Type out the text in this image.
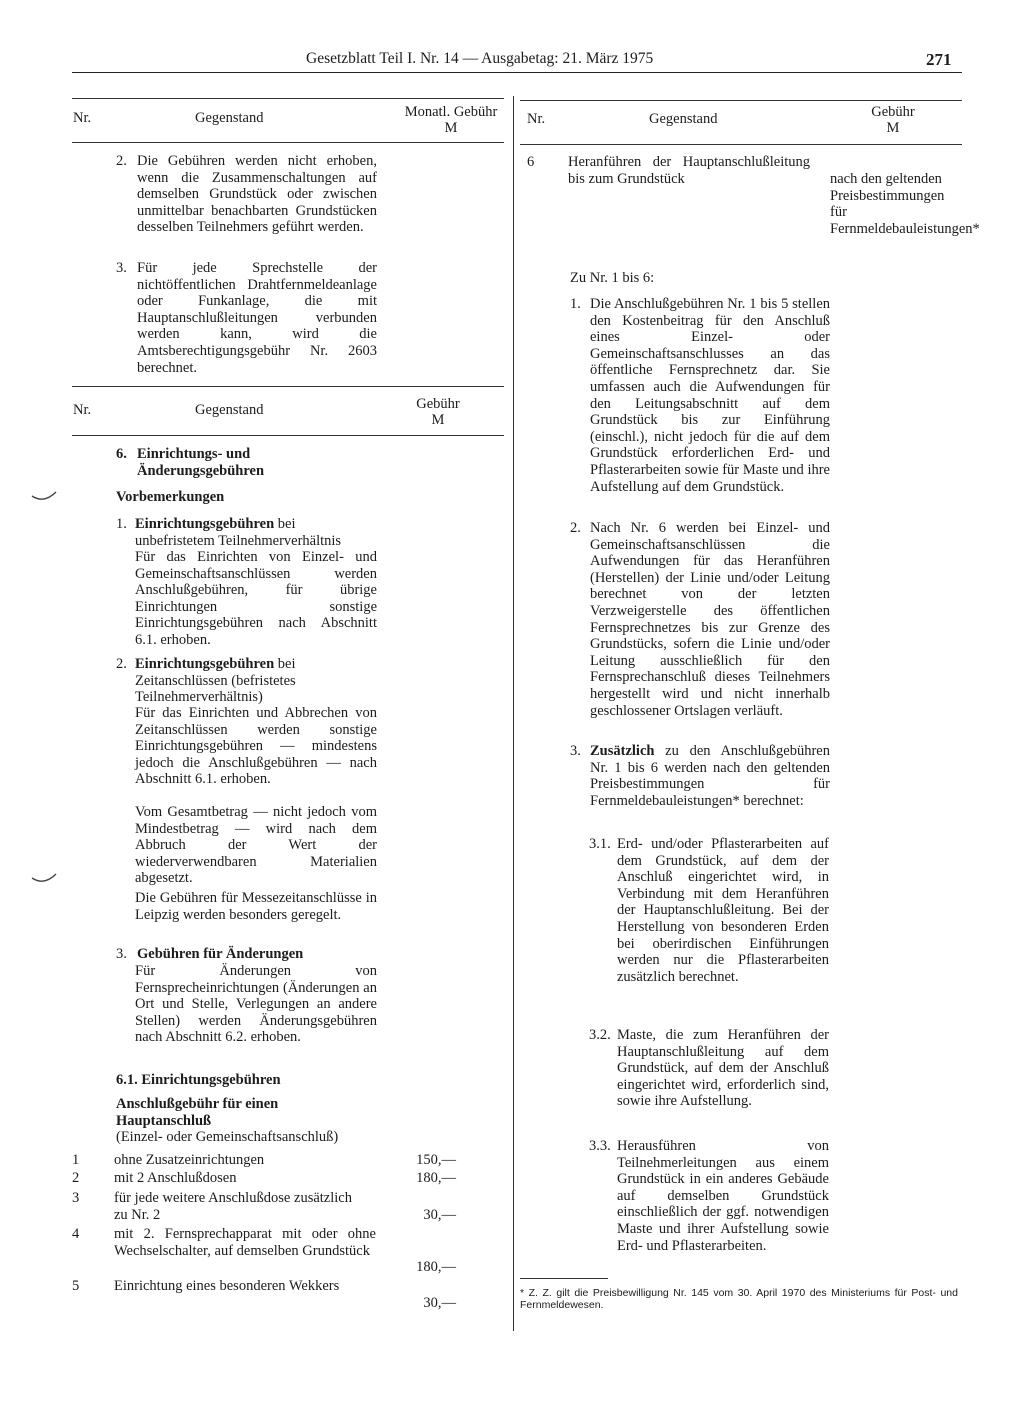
Gesetzblatt Teil I. Nr. 14 — Ausgabetag: 21. März 1975	271
Nr.	Gegenstand	Monatl. Gebühr
M
2. Die Gebühren werden nicht erhoben, wenn die Zusammenschaltungen auf demselben Grundstück oder zwischen unmittelbar benachbarten Grundstücken desselben Teilnehmers geführt werden.
3. Für jede Sprechstelle der nichtöffentlichen Drahtfernmeldeanlage oder Funkanlage, die mit Hauptanschlußleitungen verbunden werden kann, wird die Amtsberechtigungsgebühr Nr. 2603 berechnet.
Nr.	Gegenstand	Gebühr
M
6. Einrichtungs- und Änderungsgebühren
Vorbemerkungen
1. Einrichtungsgebühren bei unbefristetem Teilnehmerverhältnis
Für das Einrichten von Einzel- und Gemeinschaftsanschlüssen werden Anschlußgebühren, für übrige Einrichtungen sonstige Einrichtungsgebühren nach Abschnitt 6.1. erhoben.
2. Einrichtungsgebühren bei Zeitanschlüssen (befristetes Teilnehmerverhältnis)
Für das Einrichten und Abbrechen von Zeitanschlüssen werden sonstige Einrichtungsgebühren — mindestens jedoch die Anschlußgebühren — nach Abschnitt 6.1. erhoben.
Vom Gesamtbetrag — nicht jedoch vom Mindestbetrag — wird nach dem Abbruch der Wert der wiederverwendbaren Materialien abgesetzt.
Die Gebühren für Messezeitanschlüsse in Leipzig werden besonders geregelt.
3. Gebühren für Änderungen
Für Änderungen von Fernsprecheinrichtungen (Änderungen an Ort und Stelle, Verlegungen an andere Stellen) werden Änderungsgebühren nach Abschnitt 6.2. erhoben.
6.1. Einrichtungsgebühren
Anschlußgebühr für einen Hauptanschluß
(Einzel- oder Gemeinschaftsanschluß)
1 ohne Zusatzeinrichtungen	150,—
2 mit 2 Anschlußdosen	180,—
3 für jede weitere Anschlußdose zusätzlich zu Nr. 2	30,—
4 mit 2. Fernsprechapparat mit oder ohne Wechselschalter, auf demselben Grundstück
180,—
5 Einrichtung eines besonderen Wekkers
30,—
Nr.	Gegenstand	Gebühr
M
6 Heranführen der Hauptanschlußleitung bis zum Grundstück	nach den geltenden Preisbestimmungen für Fernmeldebauleistungen*
Zu Nr. 1 bis 6:
1. Die Anschlußgebühren Nr. 1 bis 5 stellen den Kostenbeitrag für den Anschluß eines Einzel- oder Gemeinschaftsanschlusses an das öffentliche Fernsprechnetz dar. Sie umfassen auch die Aufwendungen für den Leitungsabschnitt auf dem Grundstück bis zur Einführung (einschl.), nicht jedoch für die auf dem Grundstück erforderlichen Erd- und Pflasterarbeiten sowie für Maste und ihre Aufstellung auf dem Grundstück.
2. Nach Nr. 6 werden bei Einzel- und Gemeinschaftsanschlüssen die Aufwendungen für das Heranführen (Herstellen) der Linie und/oder Leitung berechnet von der letzten Verzweigerstelle des öffentlichen Fernsprechnetzes bis zur Grenze des Grundstücks, sofern die Linie und/oder Leitung ausschließlich für den Fernsprechanschluß dieses Teilnehmers hergestellt wird und nicht innerhalb geschlossener Ortslagen verläuft.
3. Zusätzlich zu den Anschlußgebühren Nr. 1 bis 6 werden nach den geltenden Preisbestimmungen für Fernmeldebauleistungen* berechnet:
3.1. Erd- und/oder Pflasterarbeiten auf dem Grundstück, auf dem der Anschluß eingerichtet wird, in Verbindung mit dem Heranführen der Hauptanschlußleitung. Bei der Herstellung von besonderen Erden bei oberirdischen Einführungen werden nur die Pflasterarbeiten zusätzlich berechnet.
3.2. Maste, die zum Heranführen der Hauptanschlußleitung auf dem Grundstück, auf dem der Anschluß eingerichtet wird, erforderlich sind, sowie ihre Aufstellung.
3.3. Herausführen von Teilnehmerleitungen aus einem Grundstück in ein anderes Gebäude auf demselben Grundstück einschließlich der ggf. notwendigen Maste und ihrer Aufstellung sowie Erd- und Pflasterarbeiten.
* Z. Z. gilt die Preisbewilligung Nr. 145 vom 30. April 1970 des Ministeriums für Post- und Fernmeldewesen.
